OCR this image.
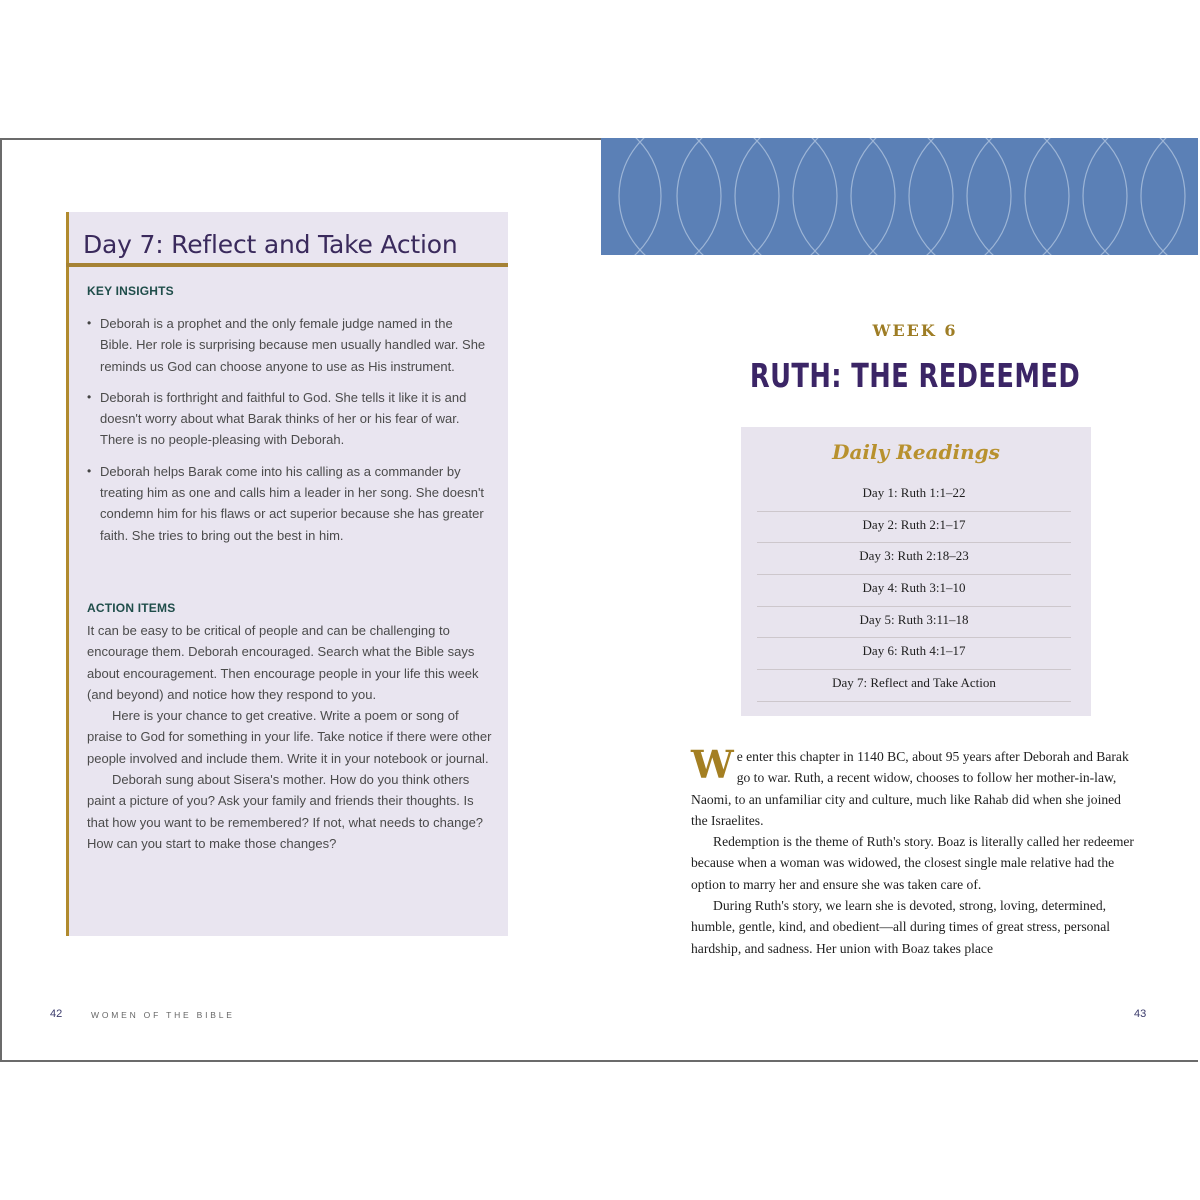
Day 7: Reflect and Take Action
KEY INSIGHTS
• Deborah is a prophet and the only female judge named in the Bible. Her role is surprising because men usually handled war. She reminds us God can choose anyone to use as His instrument.
• Deborah is forthright and faithful to God. She tells it like it is and doesn't worry about what Barak thinks of her or his fear of war. There is no people-pleasing with Deborah.
• Deborah helps Barak come into his calling as a commander by treating him as one and calls him a leader in her song. She doesn't condemn him for his flaws or act superior because she has greater faith. She tries to bring out the best in him.
ACTION ITEMS

It can be easy to be critical of people and can be challenging to encourage them. Deborah encouraged. Search what the Bible says about encouragement. Then encourage people in your life this week (and beyond) and notice how they respond to you.

Here is your chance to get creative. Write a poem or song of praise to God for something in your life. Take notice if there were other people involved and include them. Write it in your notebook or journal.

Deborah sung about Sisera's mother. How do you think others paint a picture of you? Ask your family and friends their thoughts. Is that how you want to be remembered? If not, what needs to change? How can you start to make those changes?

42	WOMEN OF THE BIBLE
WEEK 6
RUTH: THE REDEEMED
Daily Readings
Day 1: Ruth 1:1–22
Day 2: Ruth 2:1–17
Day 3: Ruth 2:18–23
Day 4: Ruth 3:1–10
Day 5: Ruth 3:11–18
Day 6: Ruth 4:1–17
Day 7: Reflect and Take Action

We enter this chapter in 1140 BC, about 95 years after Deborah and Barak go to war. Ruth, a recent widow, chooses to follow her mother-in-law, Naomi, to an unfamiliar city and culture, much like Rahab did when she joined the Israelites.

Redemption is the theme of Ruth's story. Boaz is literally called her redeemer because when a woman was widowed, the closest single male relative had the option to marry her and ensure she was taken care of.

During Ruth's story, we learn she is devoted, strong, loving, determined, humble, gentle, kind, and obedient—all during times of great stress, personal hardship, and sadness. Her union with Boaz takes place

43
